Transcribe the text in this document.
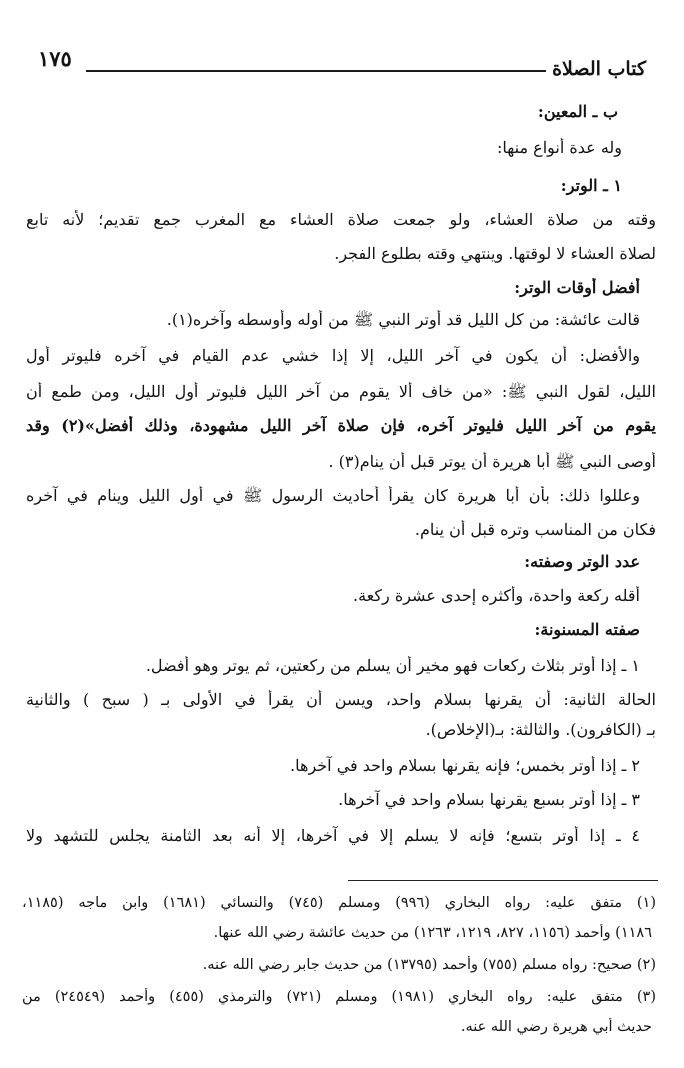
كتاب الصلاة
١٧٥
ب ـ المعين:
وله عدة أنواع منها:
١ ـ الوتر:
وقته من صلاة العشاء، ولو جمعت صلاة العشاء مع المغرب جمع تقديم؛ لأنه تابع
لصلاة العشاء لا لوقتها. وينتهي وقته بطلوع الفجر.
أفضل أوقات الوتر:
قالت عائشة: من كل الليل قد أوتر النبي ﷺ من أوله وأوسطه وآخره(١).
والأفضل: أن يكون في آخر الليل، إلا إذا خشي عدم القيام في آخره فليوتر أول
الليل، لقول النبي ﷺ: «من خاف ألا يقوم من آخر الليل فليوتر أول الليل، ومن طمع أن
يقوم من آخر الليل فليوتر آخره، فإن صلاة آخر الليل مشهودة، وذلك أفضل»(٢) وقد
أوصى النبي ﷺ أبا هريرة أن يوتر قبل أن ينام(٣) .
وعللوا ذلك: بأن أبا هريرة كان يقرأ أحاديث الرسول ﷺ في أول الليل وينام في آخره
فكان من المناسب وتره قبل أن ينام.
عدد الوتر وصفته:
أقله ركعة واحدة، وأكثره إحدى عشرة ركعة.
صفته المسنونة:
١ ـ إذا أوتر بثلاث ركعات فهو مخير أن يسلم من ركعتين، ثم يوتر وهو أفضل.
الحالة الثانية: أن يقرنها بسلام واحد، ويسن أن يقرأ في الأولى بـ ( سبح ) والثانية
بـ (الكافرون). والثالثة: بـ(الإخلاص).
٢ ـ إذا أوتر بخمس؛ فإنه يقرنها بسلام واحد في آخرها.
٣ ـ إذا أوتر بسبع يقرنها بسلام واحد في آخرها.
٤ ـ إذا أوتر بتسع؛ فإنه لا يسلم إلا في آخرها، إلا أنه بعد الثامنة يجلس للتشهد ولا
(١) متفق عليه: رواه البخاري (٩٩٦) ومسلم (٧٤٥) والنسائي (١٦٨١) وابن ماجه (١١٨٥،
١١٨٦) وأحمد (١١٥٦، ٨٢٧، ١٢١٩، ١٢٦٣) من حديث عائشة رضي الله عنها.
(٢) صحيح: رواه مسلم (٧٥٥) وأحمد (١٣٧٩٥) من حديث جابر رضي الله عنه.
(٣) متفق عليه: رواه البخاري (١٩٨١) ومسلم (٧٢١) والترمذي (٤٥٥) وأحمد (٢٤٥٤٩) من
حديث أبي هريرة رضي الله عنه.
